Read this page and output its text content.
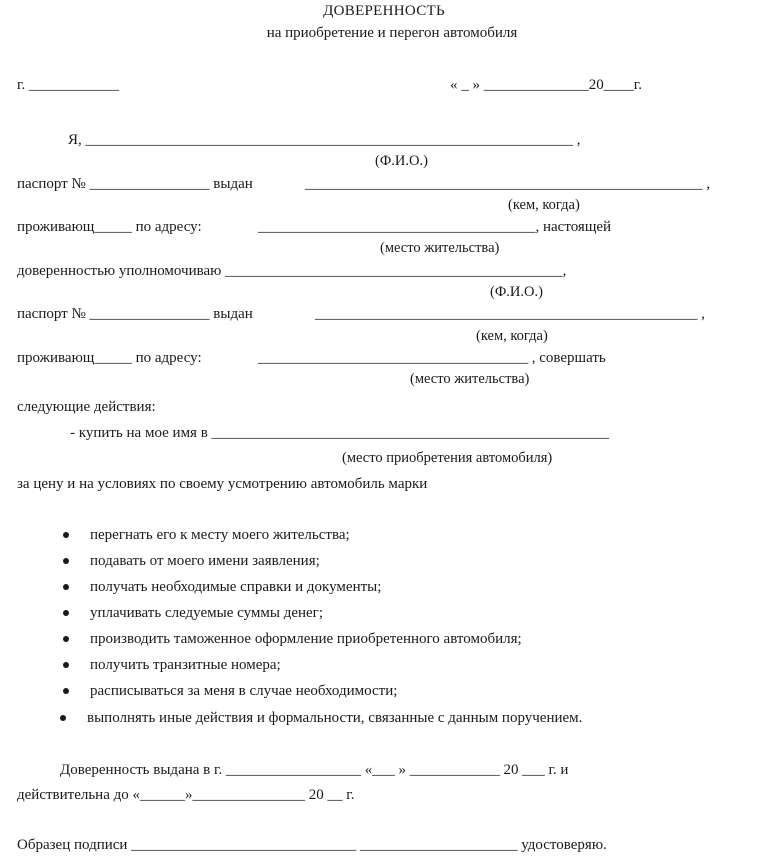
ДОВЕРЕННОСТЬ
на приобретение и перегон автомобиля
г. ____________	« _ » ______________20____г.
Я, _________________________________________________________________ ,
(Ф.И.О.)
паспорт № ________________ выдан	_____________________________________________________ ,
(кем, когда)
проживающ_____ по адресу:	_____________________________________, настоящей
(место жительства)
доверенностью уполномочиваю _____________________________________________,
(Ф.И.О.)
паспорт № ________________ выдан	___________________________________________________ ,
(кем, когда)
проживающ_____ по адресу:	____________________________________ , совершать
(место жительства)
следующие действия:
- купить на мое имя в _____________________________________________________
(место приобретения автомобиля)
за цену и на условиях по своему усмотрению автомобиль марки
перегнать его к месту моего жительства;
подавать от моего имени заявления;
получать необходимые справки и документы;
уплачивать следуемые суммы денег;
производить таможенное оформление приобретенного автомобиля;
получить транзитные номера;
расписываться за меня в случае необходимости;
выполнять иные действия и формальности, связанные с данным поручением.
Доверенность выдана в г. __________________ «___ » ____________ 20 ___ г. и
действительна до «______»_______________ 20 __ г.
Образец подписи ______________________________ _____________________ удостоверяю.
